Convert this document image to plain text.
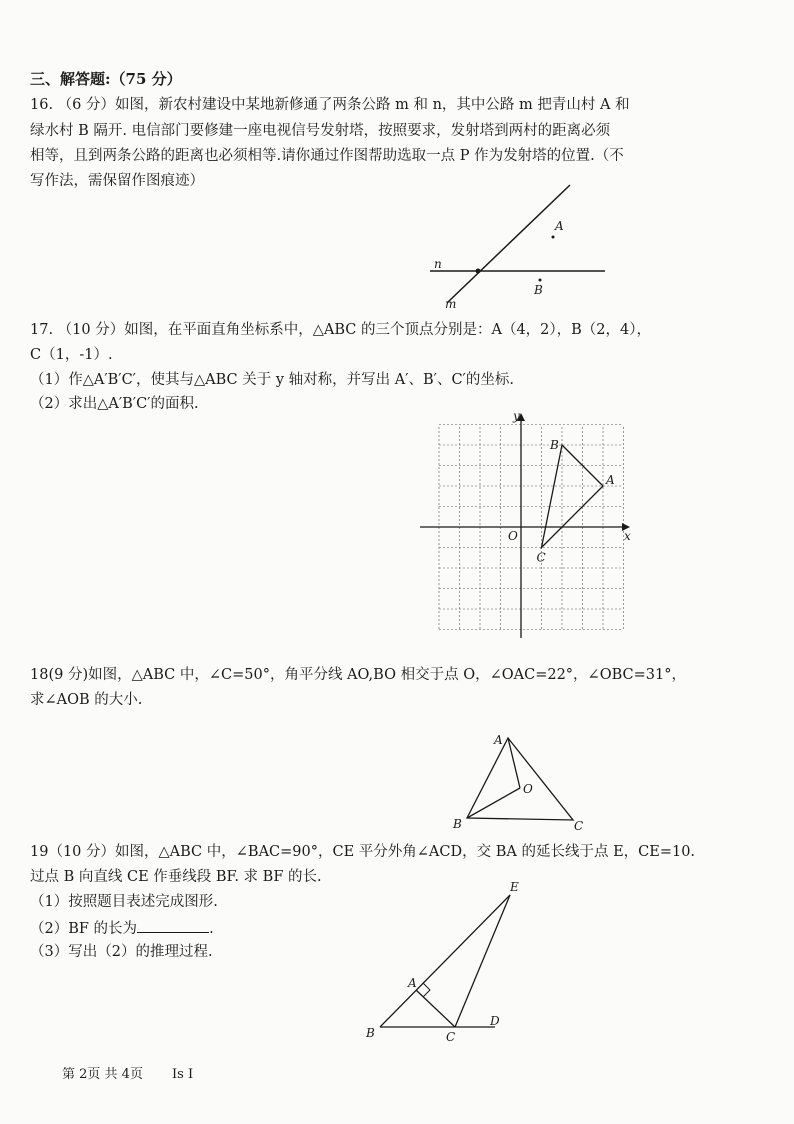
三、解答题:（75 分）
16. （6 分）如图，新农村建设中某地新修通了两条公路 m 和 n，其中公路 m 把青山村 A 和
绿水村 B 隔开. 电信部门要修建一座电视信号发射塔，按照要求，发射塔到两村的距离必须
相等，且到两条公路的距离也必须相等.请你通过作图帮助选取一点 P 作为发射塔的位置.（不
写作法，需保留作图痕迹）
n
m
A
B
17. （10 分）如图，在平面直角坐标系中，△ABC 的三个顶点分别是：A（4，2），B（2，4），
C（1，-1）.
（1）作△A′B′C′，使其与△ABC 关于 y 轴对称，并写出 A′、B′、C′的坐标.
（2）求出△A′B′C′的面积.
x
y
O
A
B
C
18(9 分)如图，△ABC 中，∠C=50°，角平分线 AO,BO 相交于点 O，∠OAC=22°，∠OBC=31°，
求∠AOB 的大小.
A
B	C
O
19（10 分）如图，△ABC 中，∠BAC=90°，CE 平分外角∠ACD，交 BA 的延长线于点 E，CE=10.
过点 B 向直线 CE 作垂线段 BF. 求 BF 的长.
（1）按照题目表述完成图形.
（2）BF 的长为	.
（3）写出（2）的推理过程.
A
B	C
D
E
第 2页 共 4页 Is I
